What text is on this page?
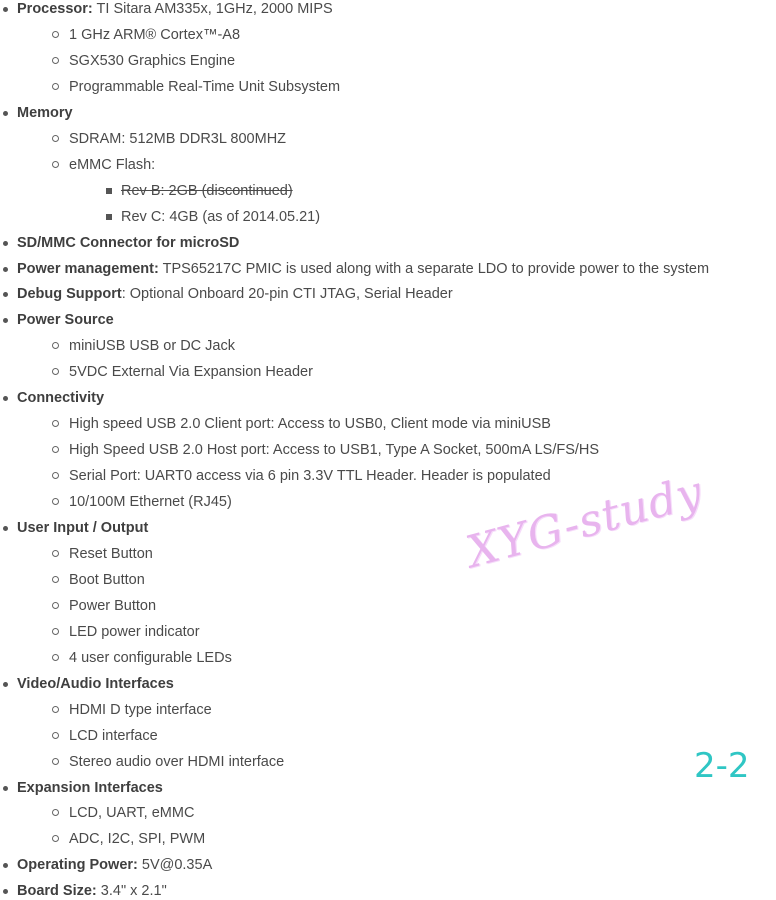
Processor: TI Sitara AM335x, 1GHz, 2000 MIPS
1 GHz ARM® Cortex™-A8
SGX530 Graphics Engine
Programmable Real-Time Unit Subsystem
Memory
SDRAM: 512MB DDR3L 800MHZ
eMMC Flash:
Rev B: 2GB (discontinued)
Rev C: 4GB (as of 2014.05.21)
SD/MMC Connector for microSD
Power management: TPS65217C PMIC is used along with a separate LDO to provide power to the system
Debug Support: Optional Onboard 20-pin CTI JTAG, Serial Header
Power Source
miniUSB USB or DC Jack
5VDC External Via Expansion Header
Connectivity
High speed USB 2.0 Client port: Access to USB0, Client mode via miniUSB
High Speed USB 2.0 Host port: Access to USB1, Type A Socket, 500mA LS/FS/HS
Serial Port: UART0 access via 6 pin 3.3V TTL Header. Header is populated
10/100M Ethernet (RJ45)
User Input / Output
Reset Button
Boot Button
Power Button
LED power indicator
4 user configurable LEDs
Video/Audio Interfaces
HDMI D type interface
LCD interface
Stereo audio over HDMI interface
Expansion Interfaces
LCD, UART, eMMC
ADC, I2C, SPI, PWM
Operating Power: 5V@0.35A
Board Size: 3.4" x 2.1"
XYG-study
2-2
